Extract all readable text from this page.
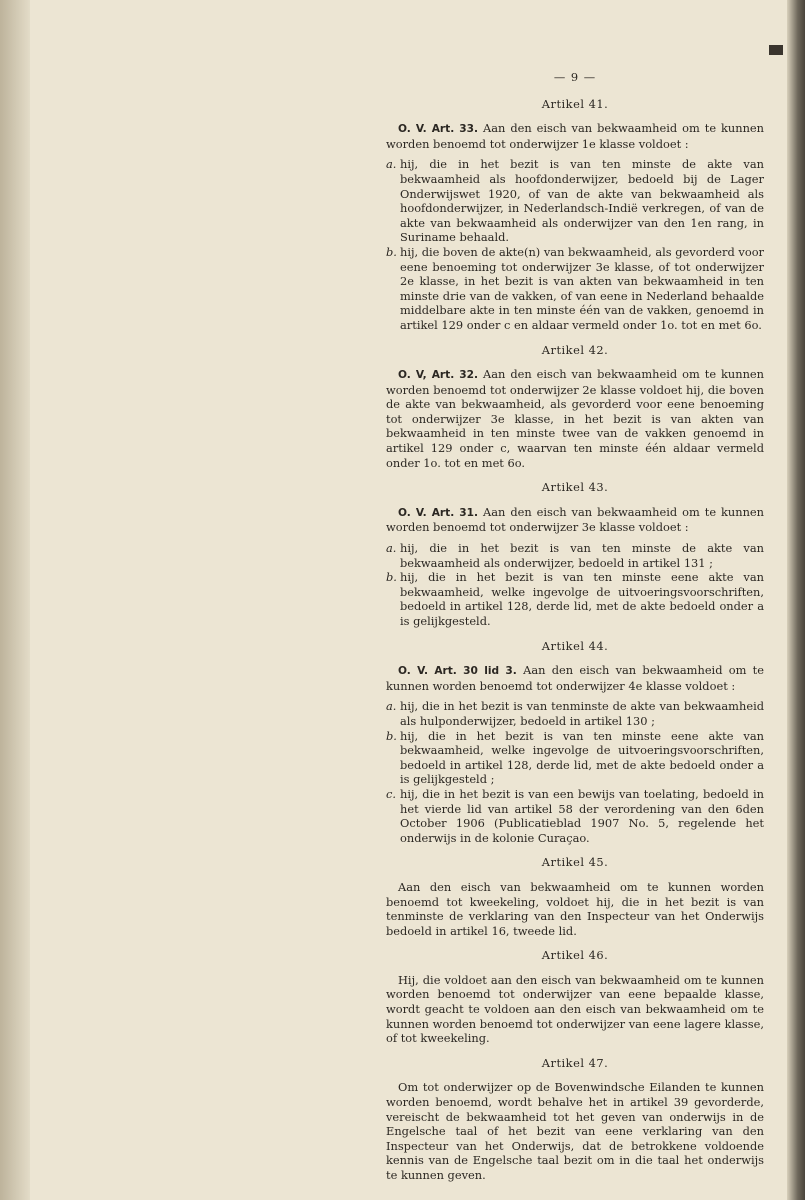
— 9 —
Artikel 41.

O. V. Art. 33. Aan den eisch van bekwaamheid om te kunnen worden benoemd tot onderwijzer 1e klasse voldoet :

a. hij, die in het bezit is van ten minste de akte van bekwaamheid als hoofdonderwijzer, bedoeld bij de Lager Onderwijswet 1920, of van de akte van bekwaamheid als hoofdonderwijzer, in Nederlandsch-Indië verkregen, of van de akte van bekwaamheid als onderwijzer van den 1en rang, in Suriname behaald.
b. hij, die boven de akte(n) van bekwaamheid, als gevorderd voor eene benoeming tot onderwijzer 3e klasse, of tot onderwijzer 2e klasse, in het bezit is van akten van bekwaamheid in ten minste drie van de vakken, of van eene in Nederland behaalde middelbare akte in ten minste één van de vakken, genoemd in artikel 129 onder c en aldaar vermeld onder 1o. tot en met 6o.
Artikel 42.

O. V, Art. 32. Aan den eisch van bekwaamheid om te kunnen worden benoemd tot onderwijzer 2e klasse voldoet hij, die boven de akte van bekwaamheid, als gevorderd voor eene benoeming tot onderwijzer 3e klasse, in het bezit is van akten van bekwaamheid in ten minste twee van de vakken genoemd in artikel 129 onder c, waarvan ten minste één aldaar vermeld onder 1o. tot en met 6o.

Artikel 43.

O. V. Art. 31. Aan den eisch van bekwaamheid om te kunnen worden benoemd tot onderwijzer 3e klasse voldoet :

a. hij, die in het bezit is van ten minste de akte van bekwaamheid als onderwijzer, bedoeld in artikel 131 ;
b. hij, die in het bezit is van ten minste eene akte van bekwaamheid, welke ingevolge de uitvoeringsvoorschriften, bedoeld in artikel 128, derde lid, met de akte bedoeld onder a is gelijkgesteld.
Artikel 44.

O. V. Art. 30 lid 3. Aan den eisch van bekwaamheid om te kunnen worden benoemd tot onderwijzer 4e klasse voldoet :

a. hij, die in het bezit is van tenminste de akte van bekwaamheid als hulponderwijzer, bedoeld in artikel 130 ;
b. hij, die in het bezit is van ten minste eene akte van bekwaamheid, welke ingevolge de uitvoeringsvoorschriften, bedoeld in artikel 128, derde lid, met de akte bedoeld onder a is gelijkgesteld ;
c. hij, die in het bezit is van een bewijs van toelating, bedoeld in het vierde lid van artikel 58 der verordening van den 6den October 1906 (Publicatieblad 1907 No. 5, regelende het onderwijs in de kolonie Curaçao.
Artikel 45.

Aan den eisch van bekwaamheid om te kunnen worden benoemd tot kweekeling, voldoet hij, die in het bezit is van tenminste de verklaring van den Inspecteur van het Onderwijs bedoeld in artikel 16, tweede lid.

Artikel 46.

Hij, die voldoet aan den eisch van bekwaamheid om te kunnen worden benoemd tot onderwijzer van eene bepaalde klasse, wordt geacht te voldoen aan den eisch van bekwaamheid om te kunnen worden benoemd tot onderwijzer van eene lagere klasse, of tot kweekeling.

Artikel 47.

Om tot onderwijzer op de Bovenwindsche Eilanden te kunnen worden benoemd, wordt behalve het in artikel 39 gevorderde, vereischt de bekwaamheid tot het geven van onderwijs in de Engelsche taal of het bezit van eene verklaring van den Inspecteur van het Onderwijs, dat de betrokkene voldoende kennis van de Engelsche taal bezit om in die taal het onderwijs te kunnen geven.
